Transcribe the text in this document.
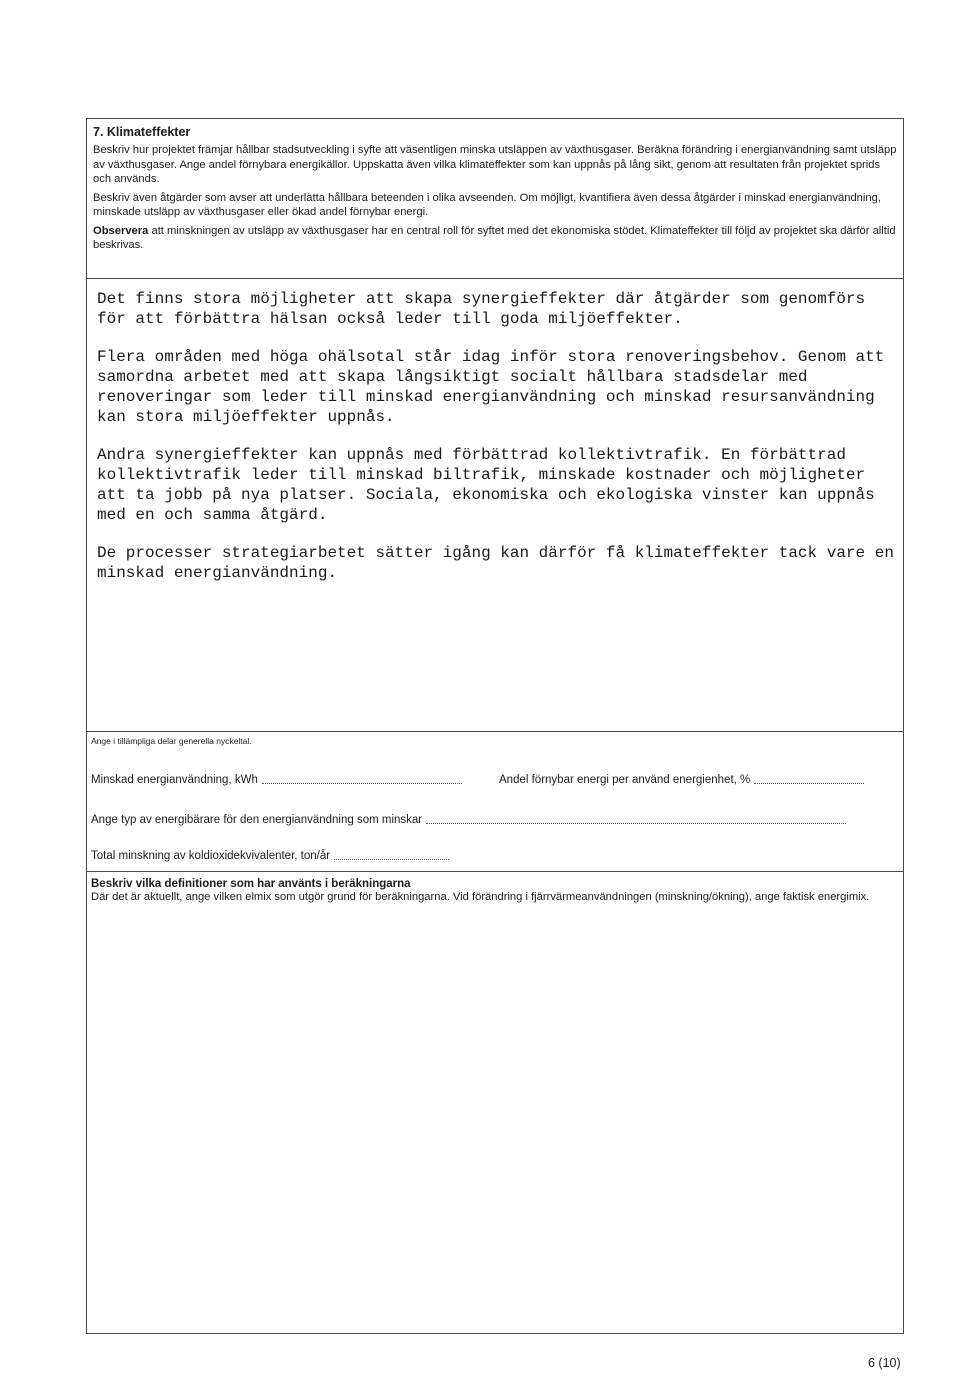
7. Klimateffekter

Beskriv hur projektet främjar hållbar stadsutveckling i syfte att väsentligen minska utsläppen av växthusgaser. Beräkna förändring i energianvändning samt utsläpp av växthusgaser. Ange andel förnybara energikällor. Uppskatta även vilka klimateffekter som kan uppnås på lång sikt, genom att resultaten från projektet sprids och används.

Beskriv även åtgärder som avser att underlätta hållbara beteenden i olika avseenden. Om möjligt, kvantifiera även dessa åtgärder i minskad energianvändning, minskade utsläpp av växthusgaser eller ökad andel förnybar energi.

Observera att minskningen av utsläpp av växthusgaser har en central roll för syftet med det ekonomiska stödet. Klimateffekter till följd av projektet ska därför alltid beskrivas.

Det finns stora möjligheter att skapa synergieffekter där åtgärder som genomförs för att förbättra hälsan också leder till goda miljöeffekter.

Flera områden med höga ohälsotal står idag inför stora renoveringsbehov. Genom att samordna arbetet med att skapa långsiktigt socialt hållbara stadsdelar med renoveringar som leder till minskad energianvändning och minskad resursanvändning kan stora miljöeffekter uppnås.

Andra synergieffekter kan uppnås med förbättrad kollektivtrafik. En förbättrad kollektivtrafik leder till minskad biltrafik, minskade kostnader och möjligheter att ta jobb på nya platser. Sociala, ekonomiska och ekologiska vinster kan uppnås med en och samma åtgärd.

De processer strategiarbetet sätter igång kan därför få klimateffekter tack vare en minskad energianvändning.

Ange i tillämpliga delar generella nyckeltal.

Minskad energianvändning, kWh	Andel förnybar energi per använd energienhet, %
Ange typ av energibärare för den energianvändning som minskar
Total minskning av koldioxidekvivalenter, ton/år

Beskriv vilka definitioner som har använts i beräkningarna

Där det är aktuellt, ange vilken elmix som utgör grund för beräkningarna. Vid förändring i fjärrvärmeanvändningen (minskning/ökning), ange faktisk energimix.

6 (10)
